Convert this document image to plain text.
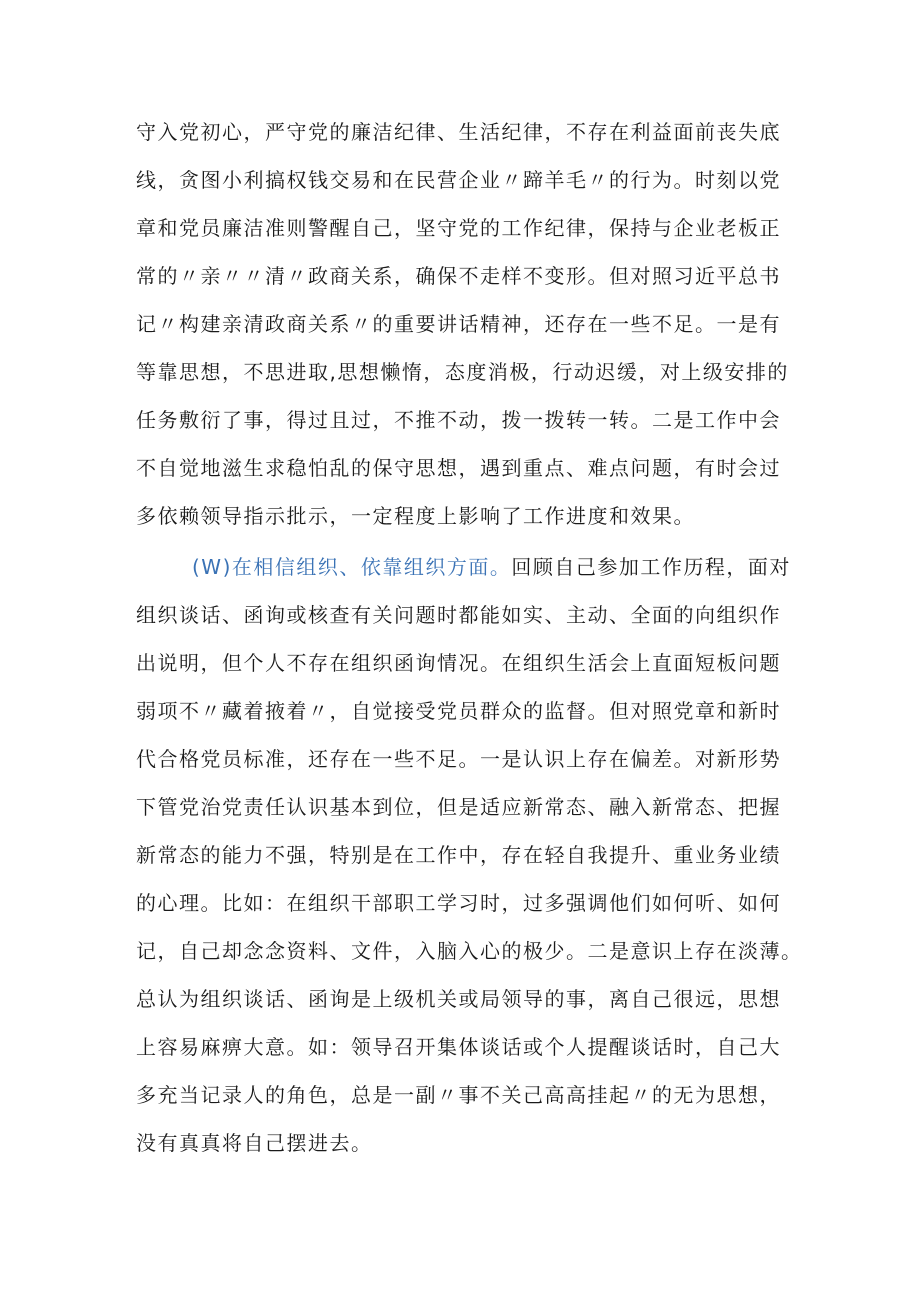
守入党初心，严守党的廉洁纪律、生活纪律，不存在利益面前丧失底
线，贪图小利搞权钱交易和在民营企业〃蹄羊毛〃的行为。时刻以党
章和党员廉洁准则警醒自己，坚守党的工作纪律，保持与企业老板正
常的〃亲〃〃清〃政商关系，确保不走样不变形。但对照习近平总书
记〃构建亲清政商关系〃的重要讲话精神，还存在一些不足。一是有
等靠思想，不思进取,思想懒惰，态度消极，行动迟缓，对上级安排的
任务敷衍了事，得过且过，不推不动，拨一拨转一转。二是工作中会
不自觉地滋生求稳怕乱的保守思想，遇到重点、难点问题，有时会过
多依赖领导指示批示，一定程度上影响了工作进度和效果。
(W)在相信组织、依靠组织方面。回顾自己参加工作历程，面对
组织谈话、函询或核查有关问题时都能如实、主动、全面的向组织作
出说明，但个人不存在组织函询情况。在组织生活会上直面短板问题
弱项不〃藏着掖着〃，自觉接受党员群众的监督。但对照党章和新时
代合格党员标准，还存在一些不足。一是认识上存在偏差。对新形势
下管党治党责任认识基本到位，但是适应新常态、融入新常态、把握
新常态的能力不强，特别是在工作中，存在轻自我提升、重业务业绩
的心理。比如：在组织干部职工学习时，过多强调他们如何听、如何
记，自己却念念资料、文件，入脑入心的极少。二是意识上存在淡薄。
总认为组织谈话、函询是上级机关或局领导的事，离自己很远，思想
上容易麻痹大意。如：领导召开集体谈话或个人提醒谈话时，自己大
多充当记录人的角色，总是一副〃事不关己高高挂起〃的无为思想，
没有真真将自己摆进去。
